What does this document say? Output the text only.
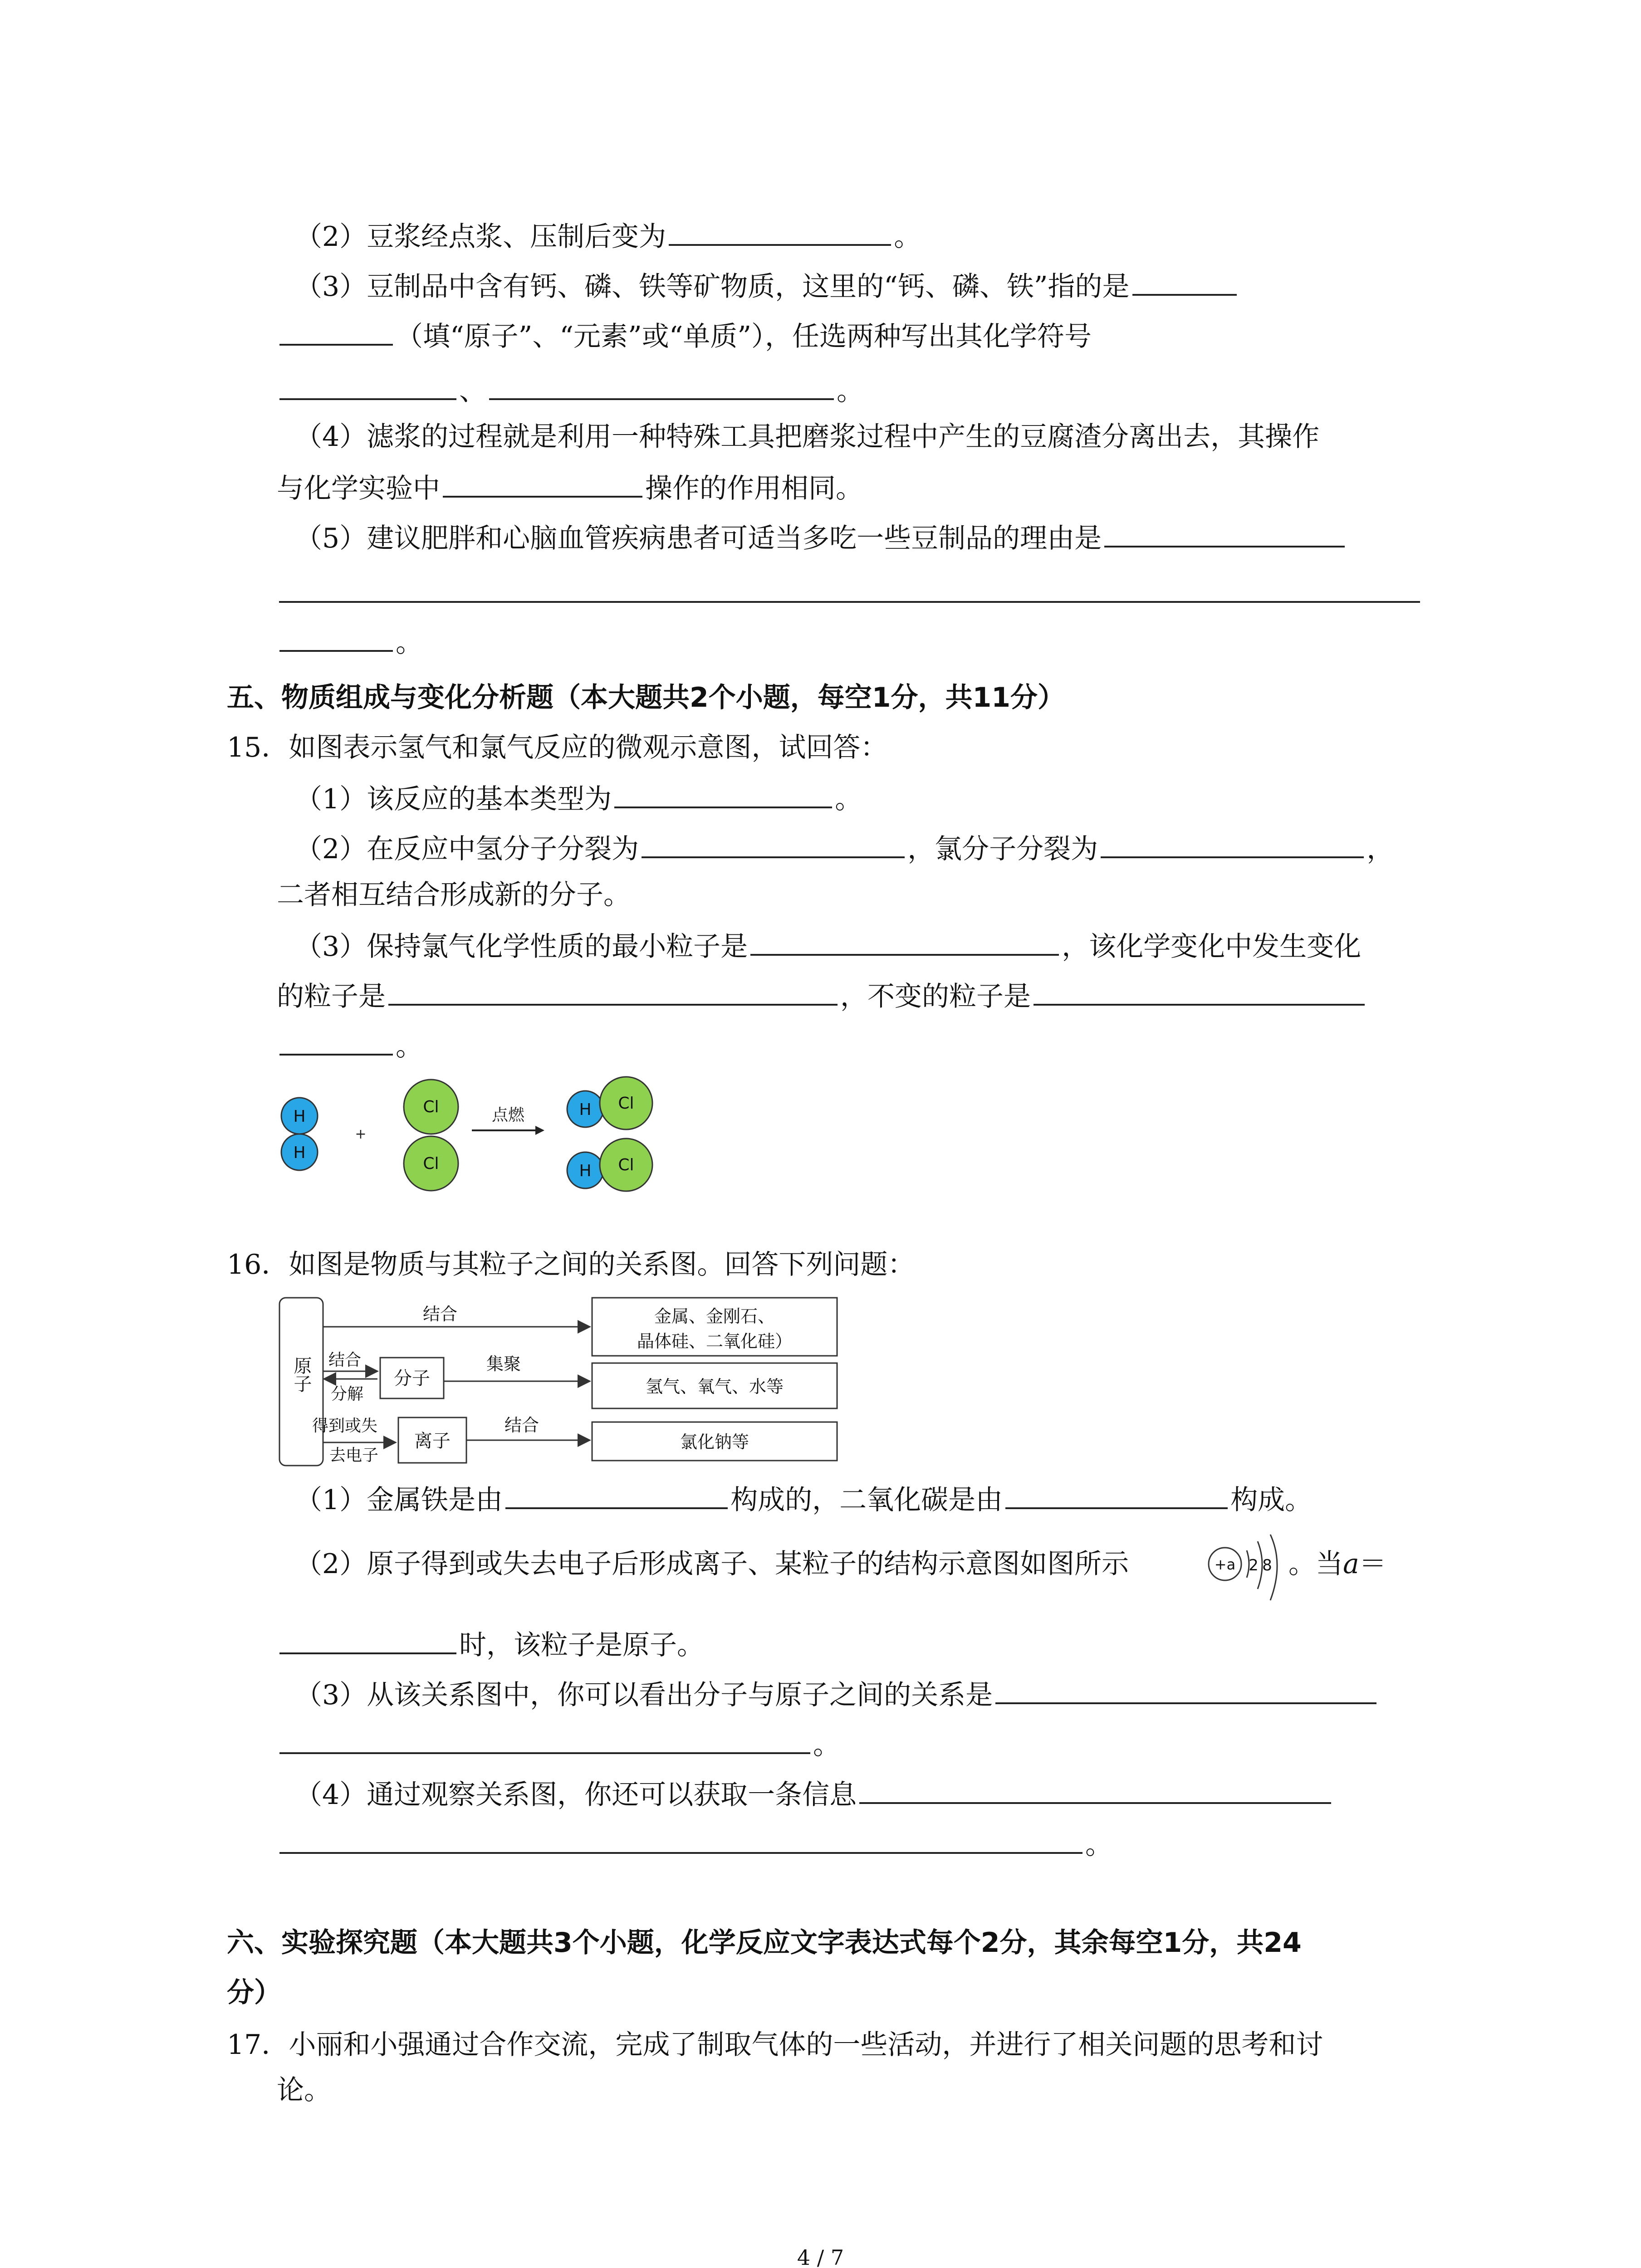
（2）豆浆经点浆、压制后变为	。
（3）豆制品中含有钙、磷、铁等矿物质，这里的“钙、磷、铁”指的是
（填“原子”、“元素”或“单质”），任选两种写出其化学符号
、	。
（4）滤浆的过程就是利用一种特殊工具把磨浆过程中产生的豆腐渣分离出去，其操作
与化学实验中	操作的作用相同。
（5）建议肥胖和心脑血管疾病患者可适当多吃一些豆制品的理由是
。
五、物质组成与变化分析题（本大题共2个小题，每空1分，共11分）
15．如图表示氢气和氯气反应的微观示意图，试回答：
（1）该反应的基本类型为	。
（2）在反应中氢分子分裂为	，氯分子分裂为	，
二者相互结合形成新的分子。
（3）保持氯气化学性质的最小粒子是	，该化学变化中发生变化
的粒子是	，不变的粒子是
。
H
H
+
Cl
Cl
点燃	H Cl
H Cl
16．如图是物质与其粒子之间的关系图。回答下列问题：
原子
结合	金属、金刚石、
晶体硅、二氧化硅）
结合
分解
分子
集聚
氢气、氧气、水等
得到或失
去电子
离子
结合
氯化钠等
（1）金属铁是由	构成的，二氧化碳是由	构成。
（2）原子得到或失去电子后形成离子、某粒子的结构示意图如图所示	+a 2 8 。当a＝
时，该粒子是原子。
（3）从该关系图中，你可以看出分子与原子之间的关系是
。
（4）通过观察关系图，你还可以获取一条信息
。
六、实验探究题（本大题共3个小题，化学反应文字表达式每个2分，其余每空1分，共24
分）
17．小丽和小强通过合作交流，完成了制取气体的一些活动，并进行了相关问题的思考和讨
论。
4 / 7
